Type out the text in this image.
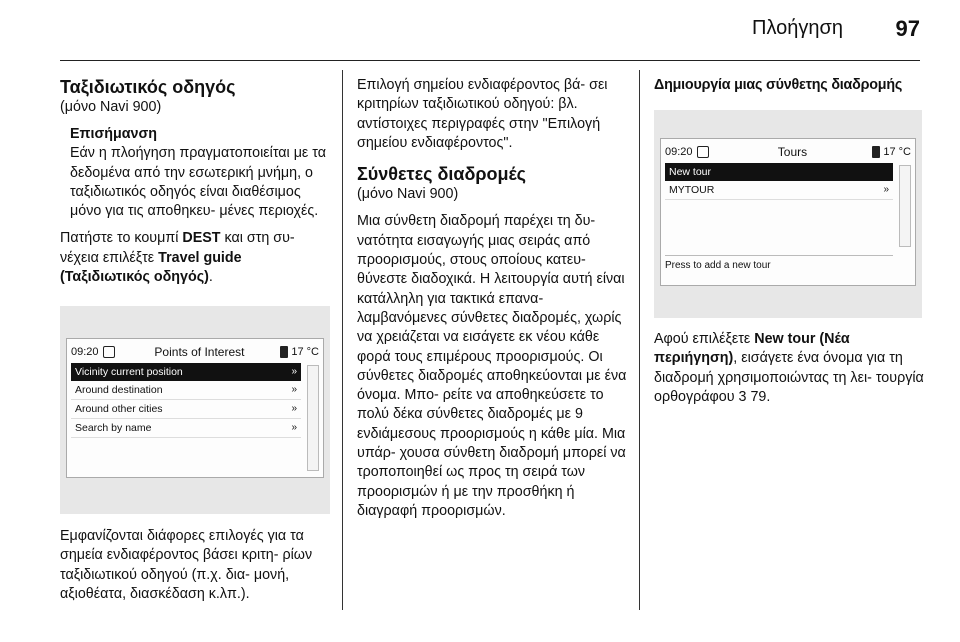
Πλοήγηση 97
Ταξιδιωτικός οδηγός

(μόνο Navi 900)

Επισήμανση
Εάν η πλοήγηση πραγματοποιείται με τα δεδομένα από την εσωτερική μνήμη, ο ταξιδιωτικός οδηγός είναι διαθέσιμος μόνο για τις αποθηκευ- μένες περιοχές.

Πατήστε το κουμπί DEST και στη συ- νέχεια επιλέξτε Travel guide (Ταξιδιωτικός οδηγός).

09:20	Points of Interest	17 °C
Vicinity current position	»
Around destination	»
Around other cities	»
Search by name	»

Εμφανίζονται διάφορες επιλογές για τα σημεία ενδιαφέροντος βάσει κριτη- ρίων ταξιδιωτικού οδηγού (π.χ. δια- μονή, αξιοθέατα, διασκέδαση κ.λπ.).

Επιλογή σημείου ενδιαφέροντος βά- σει κριτηρίων ταξιδιωτικού οδηγού: βλ. αντίστοιχες περιγραφές στην "Επιλογή σημείου ενδιαφέροντος".

Σύνθετες διαδρομές

(μόνο Navi 900)

Μια σύνθετη διαδρομή παρέχει τη δυ- νατότητα εισαγωγής μιας σειράς από προορισμούς, στους οποίους κατευ- θύνεστε διαδοχικά. Η λειτουργία αυτή είναι κατάλληλη για τακτικά επανα- λαμβανόμενες σύνθετες διαδρομές, χωρίς να χρειάζεται να εισάγετε εκ νέου κάθε φορά τους επιμέρους προορισμούς. Οι σύνθετες διαδρομές αποθηκεύονται με ένα όνομα. Μπο- ρείτε να αποθηκεύσετε το πολύ δέκα σύνθετες διαδρομές με 9 ενδιάμεσους προορισμούς η κάθε μία. Μια υπάρ- χουσα σύνθετη διαδρομή μπορεί να τροποποιηθεί ως προς τη σειρά των προορισμών ή με την προσθήκη ή διαγραφή προορισμών.

Δημιουργία μιας σύνθετης διαδρομής
09:20	Tours	17 °C
New tour
MYTOUR	»
Press to add a new tour

Αφού επιλέξετε New tour (Νέα περιήγηση), εισάγετε ένα όνομα για τη διαδρομή χρησιμοποιώντας τη λει- τουργία ορθογράφου 3 79.
